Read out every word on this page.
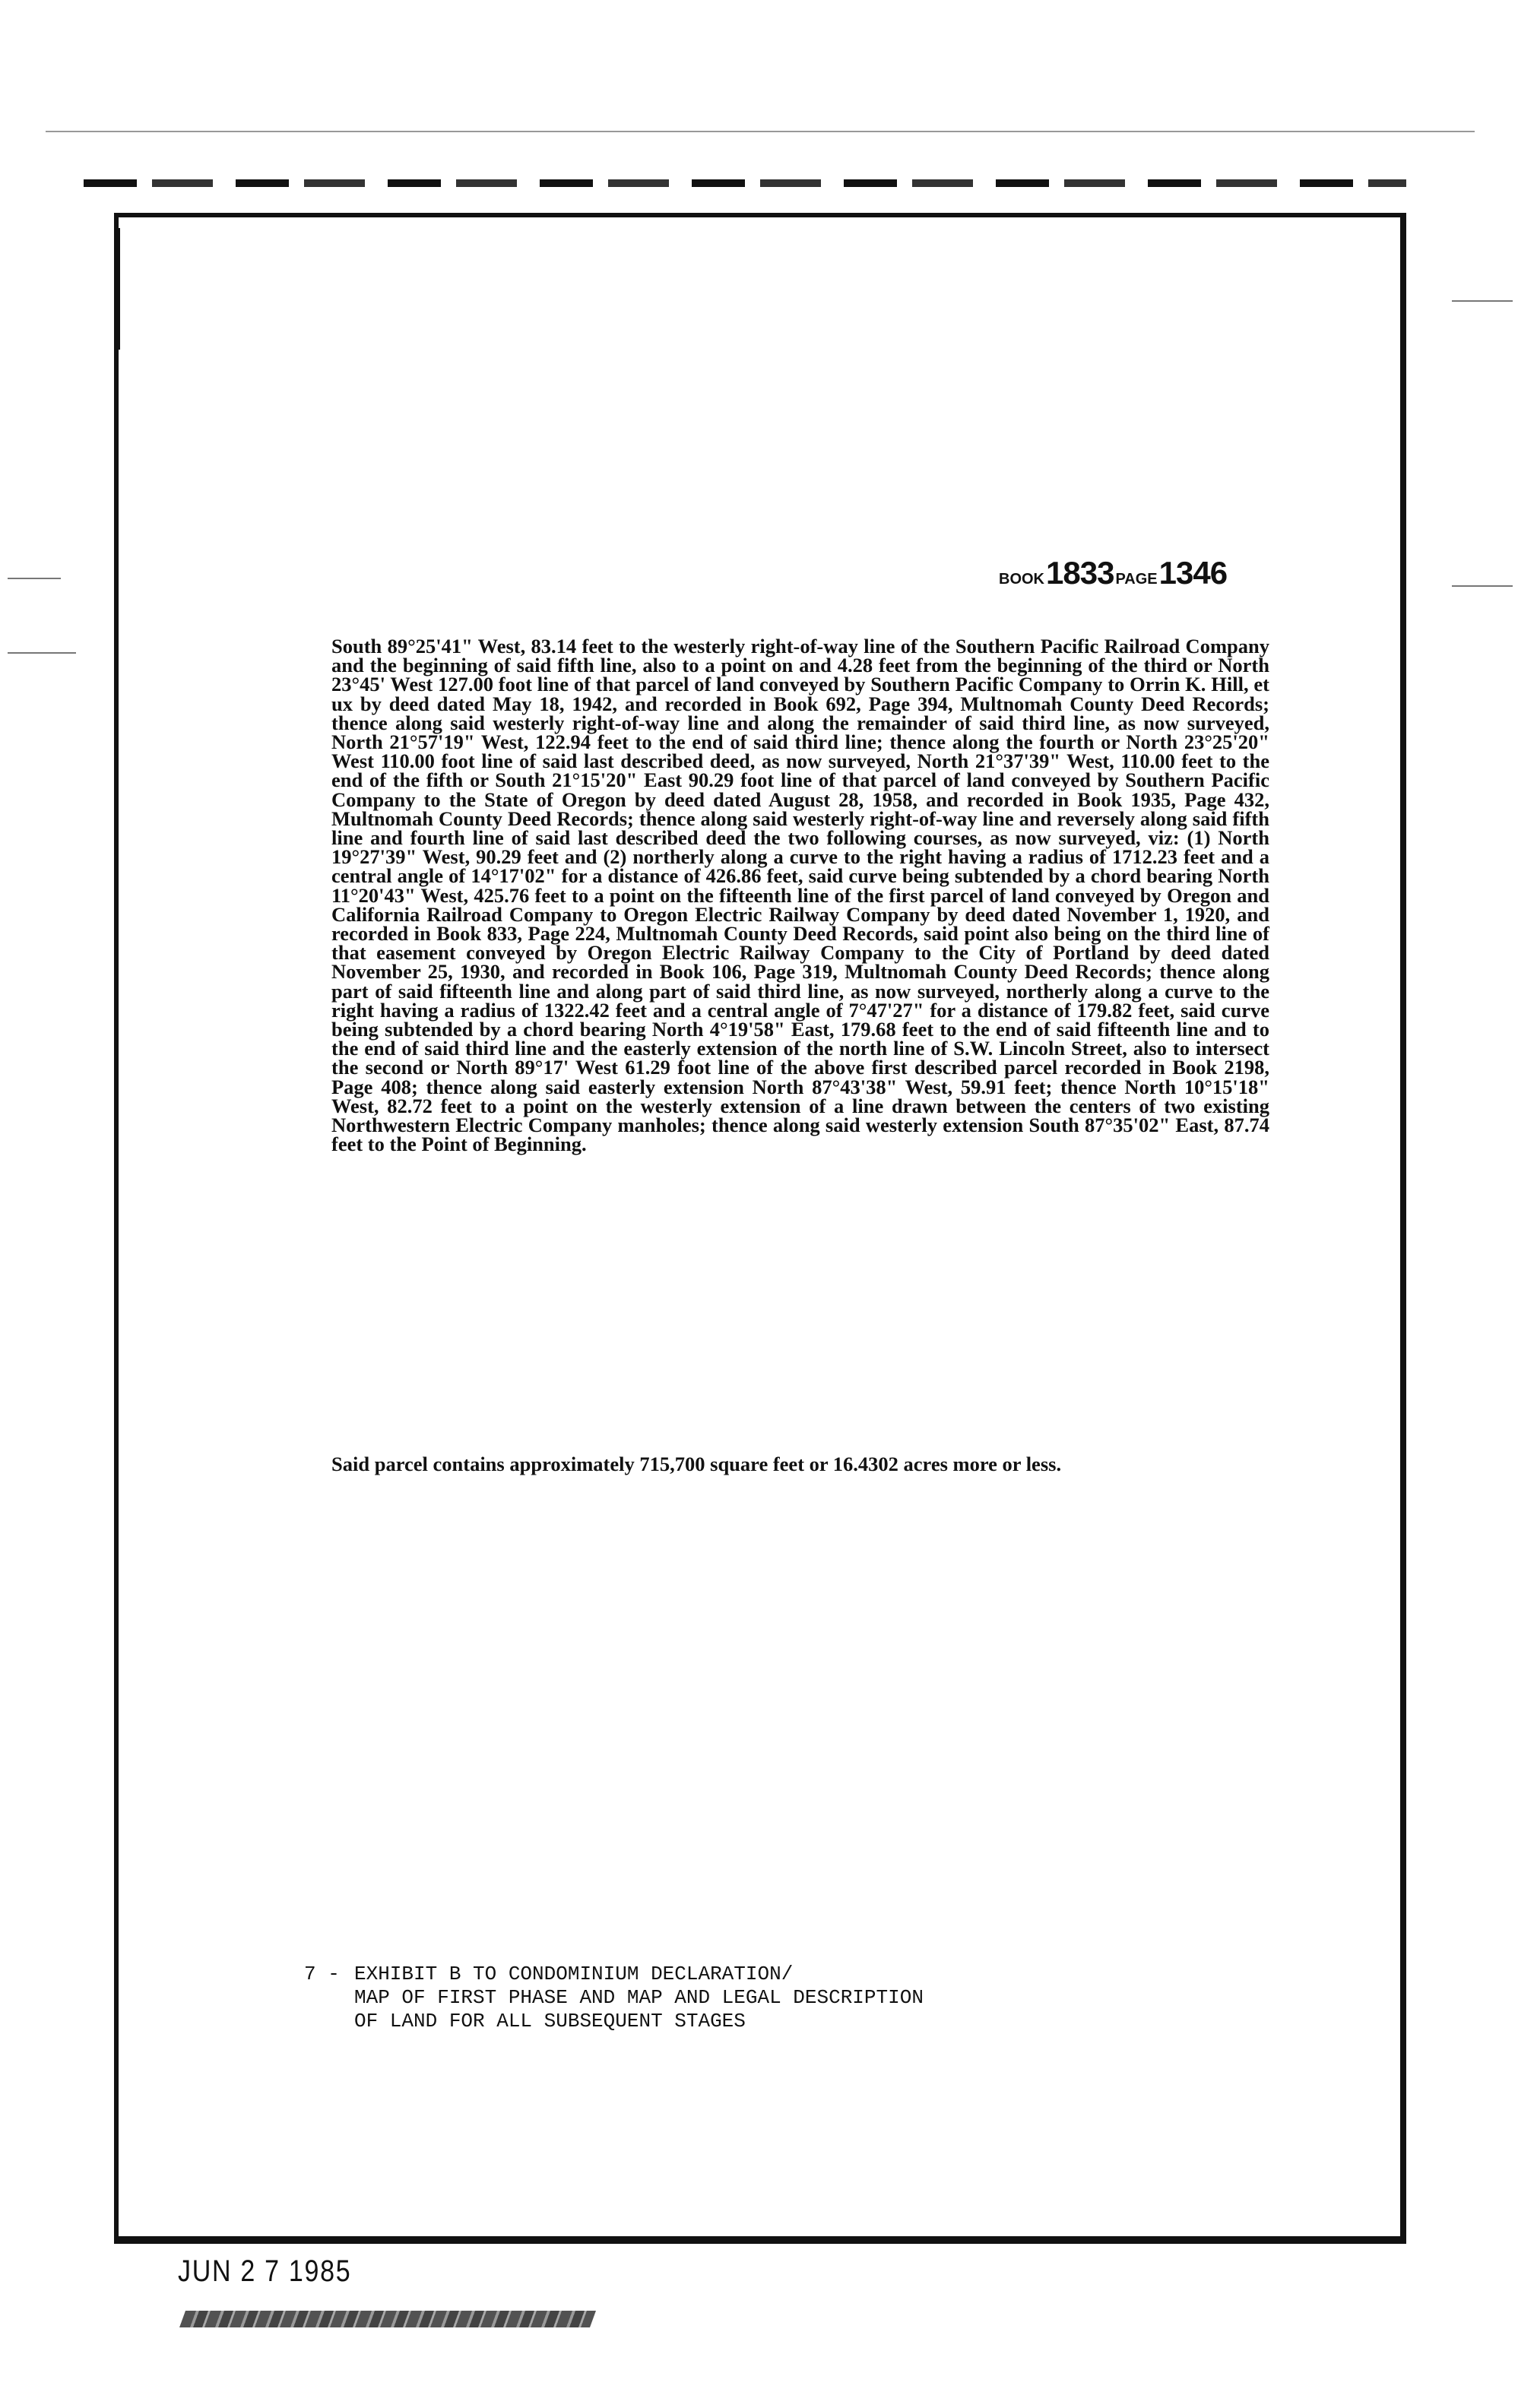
BOOK1833 PAGE1346

South 89°25'41" West, 83.14 feet to the westerly right-of-way line of the Southern Pacific Railroad Company and the beginning of said fifth line, also to a point on and 4.28 feet from the beginning of the third or North 23°45' West 127.00 foot line of that parcel of land conveyed by Southern Pacific Company to Orrin K. Hill, et ux by deed dated May 18, 1942, and recorded in Book 692, Page 394, Multnomah County Deed Records; thence along said westerly right-of-way line and along the remainder of said third line, as now surveyed, North 21°57'19" West, 122.94 feet to the end of said third line; thence along the fourth or North 23°25'20" West 110.00 foot line of said last described deed, as now surveyed, North 21°37'39" West, 110.00 feet to the end of the fifth or South 21°15'20" East 90.29 foot line of that parcel of land conveyed by Southern Pacific Company to the State of Oregon by deed dated August 28, 1958, and recorded in Book 1935, Page 432, Multnomah County Deed Records; thence along said westerly right-of-way line and reversely along said fifth line and fourth line of said last described deed the two following courses, as now surveyed, viz: (1) North 19°27'39" West, 90.29 feet and (2) northerly along a curve to the right having a radius of 1712.23 feet and a central angle of 14°17'02" for a distance of 426.86 feet, said curve being subtended by a chord bearing North 11°20'43" West, 425.76 feet to a point on the fifteenth line of the first parcel of land conveyed by Oregon and California Railroad Company to Oregon Electric Railway Company by deed dated November 1, 1920, and recorded in Book 833, Page 224, Multnomah County Deed Records, said point also being on the third line of that easement conveyed by Oregon Electric Railway Company to the City of Portland by deed dated November 25, 1930, and recorded in Book 106, Page 319, Multnomah County Deed Records; thence along part of said fifteenth line and along part of said third line, as now surveyed, northerly along a curve to the right having a radius of 1322.42 feet and a central angle of 7°47'27" for a distance of 179.82 feet, said curve being subtended by a chord bearing North 4°19'58" East, 179.68 feet to the end of said fifteenth line and to the end of said third line and the easterly extension of the north line of S.W. Lincoln Street, also to intersect the second or North 89°17' West 61.29 foot line of the above first described parcel recorded in Book 2198, Page 408; thence along said easterly extension North 87°43'38" West, 59.91 feet; thence North 10°15'18" West, 82.72 feet to a point on the westerly extension of a line drawn between the centers of two existing Northwestern Electric Company manholes; thence along said westerly extension South 87°35'02" East, 87.74 feet to the Point of Beginning.

Said parcel contains approximately 715,700 square feet or 16.4302 acres more or less.

7 - EXHIBIT B TO CONDOMINIUM DECLARATION/
MAP OF FIRST PHASE AND MAP AND LEGAL DESCRIPTION
OF LAND FOR ALL SUBSEQUENT STAGES
JUN 2 7 1985
